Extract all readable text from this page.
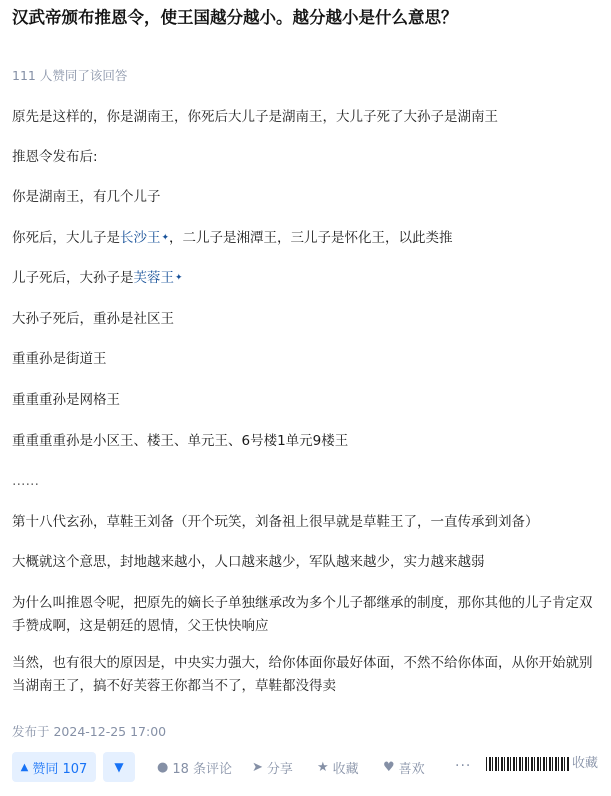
汉武帝颁布推恩令，使王国越分越小。越分越小是什么意思？
111 人赞同了该回答
原先是这样的，你是湖南王，你死后大儿子是湖南王，大儿子死了大孙子是湖南王
推恩令发布后:
你是湖南王，有几个儿子
你死后，大儿子是长沙王✦，二儿子是湘潭王，三儿子是怀化王，以此类推
儿子死后，大孙子是芙蓉王✦
大孙子死后，重孙是社区王
重重孙是街道王
重重重孙是网格王
重重重重孙是小区王、楼王、单元王、6号楼1单元9楼王
……
第十八代玄孙，草鞋王刘备（开个玩笑，刘备祖上很早就是草鞋王了，一直传承到刘备）
大概就这个意思，封地越来越小，人口越来越少，军队越来越少，实力越来越弱
为什么叫推恩令呢，把原先的嫡长子单独继承改为多个儿子都继承的制度，那你其他的儿子肯定双手赞成啊，这是朝廷的恩情，父王快快响应
当然，也有很大的原因是，中央实力强大，给你体面你最好体面，不然不给你体面，从你开始就别当湖南王了，搞不好芙蓉王你都当不了，草鞋都没得卖
发布于 2024-12-25 17:00
▲ 赞同 107 ▼	● 18 条评论 ➤ 分享 ★ 收藏 ♥ 喜欢 ···	收藏
